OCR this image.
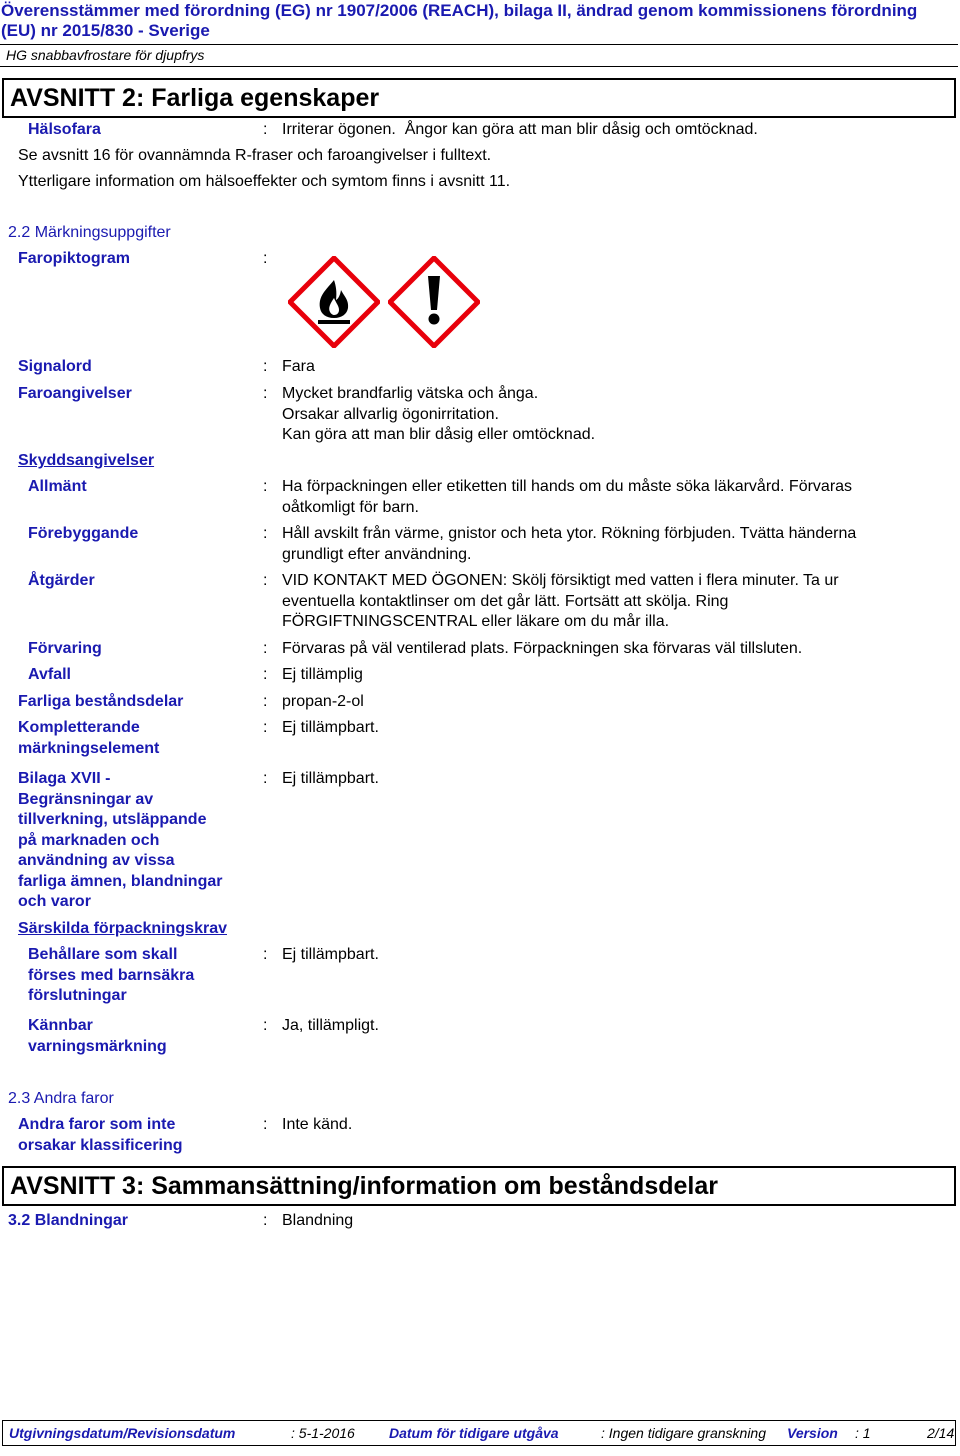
Överensstämmer med förordning (EG) nr 1907/2006 (REACH), bilaga II, ändrad genom kommissionens förordning
(EU) nr 2015/830 - Sverige
HG snabbavfrostare för djupfrys
AVSNITT 2: Farliga egenskaper
Hälsofara	: Irriterar ögonen.  Ångor kan göra att man blir dåsig och omtöcknad.
Se avsnitt 16 för ovannämnda R-fraser och faroangivelser i fulltext.
Ytterligare information om hälsoeffekter och symtom finns i avsnitt 11.
2.2 Märkningsuppgifter
Faropiktogram	:
Signalord	: Fara
Faroangivelser	: Mycket brandfarlig vätska och ånga.
Orsakar allvarlig ögonirritation.
Kan göra att man blir dåsig eller omtöcknad.
Skyddsangivelser
Allmänt	: Ha förpackningen eller etiketten till hands om du måste söka läkarvård. Förvaras
oåtkomligt för barn.
Förebyggande	: Håll avskilt från värme, gnistor och heta ytor. Rökning förbjuden. Tvätta händerna
grundligt efter användning.
Åtgärder	: VID KONTAKT MED ÖGONEN: Skölj försiktigt med vatten i flera minuter. Ta ur
eventuella kontaktlinser om det går lätt. Fortsätt att skölja. Ring
FÖRGIFTNINGSCENTRAL eller läkare om du mår illa.
Förvaring	: Förvaras på väl ventilerad plats. Förpackningen ska förvaras väl tillsluten.
Avfall	: Ej tillämplig
Farliga beståndsdelar	: propan-2-ol
Kompletterande
märkningselement
: Ej tillämpbart.
Bilaga XVII -
Begränsningar av
tillverkning, utsläppande
på marknaden och
användning av vissa
farliga ämnen, blandningar
och varor
: Ej tillämpbart.
Särskilda förpackningskrav
Behållare som skall
förses med barnsäkra
förslutningar
: Ej tillämpbart.
Kännbar
varningsmärkning
: Ja, tillämpligt.
2.3 Andra faror
Andra faror som inte
orsakar klassificering
: Inte känd.
AVSNITT 3: Sammansättning/information om beståndsdelar
3.2 Blandningar	: Blandning
Utgivningsdatum/Revisionsdatum	: 5-1-2016 Datum för tidigare utgåva	: Ingen tidigare granskning Version : 1	2/14
